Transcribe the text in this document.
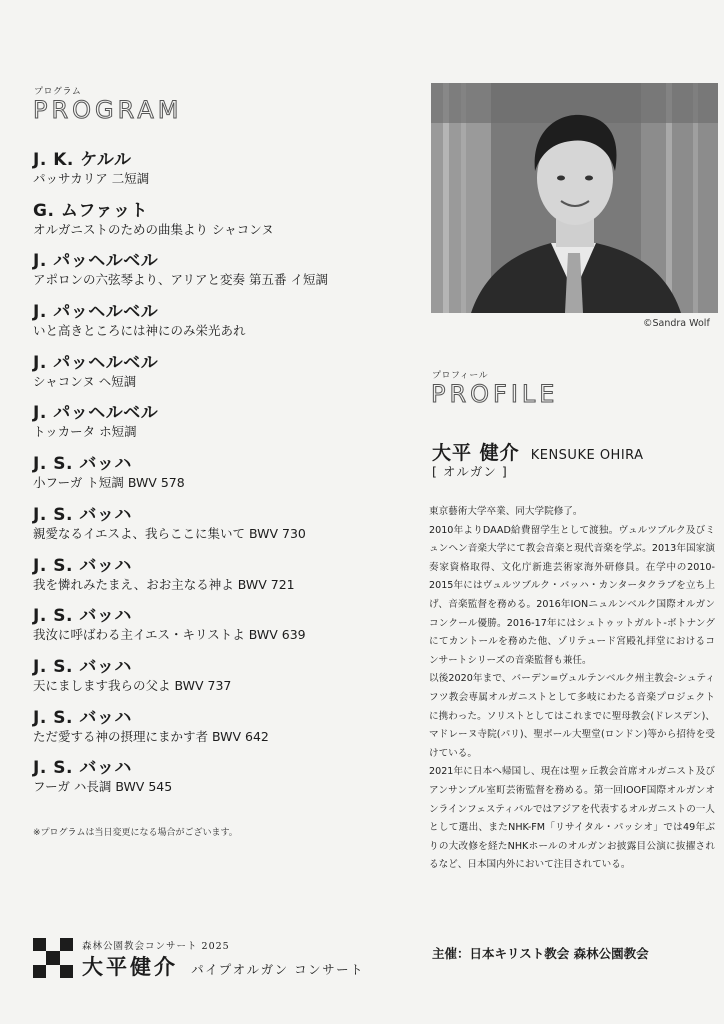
プログラム
PROGRAM
J. K. ケルル
パッサカリア 二短調
G. ムファット
オルガニストのための曲集より シャコンヌ
J. パッヘルベル
アポロンの六弦琴より、アリアと変奏 第五番 イ短調
J. パッヘルベル
いと高きところには神にのみ栄光あれ
J. パッヘルベル
シャコンヌ ヘ短調
J. パッヘルベル
トッカータ ホ短調
J. S. バッハ
小フーガ ト短調 BWV 578
J. S. バッハ
親愛なるイエスよ、我らここに集いて BWV 730
J. S. バッハ
我を憐れみたまえ、おお主なる神よ BWV 721
J. S. バッハ
我汝に呼ばわる主イエス・キリストよ BWV 639
J. S. バッハ
天にまします我らの父よ BWV 737
J. S. バッハ
ただ愛する神の摂理にまかす者 BWV 642
J. S. バッハ
フーガ ハ長調 BWV 545
※プログラムは当日変更になる場合がございます。
©Sandra Wolf
プロフィール
PROFILE
大平 健介 KENSUKE OHIRA
[ オルガン ]

東京藝術大学卒業、同大学院修了。

2010年よりDAAD給費留学生として渡独。ヴュルツブルク及びミュンヘン音楽大学にて教会音楽と現代音楽を学ぶ。2013年国家演奏家資格取得、文化庁新進芸術家海外研修員。在学中の2010-2015年にはヴュルツブルク・バッハ・カンタータクラブを立ち上げ、音楽監督を務める。2016年IONニュルンベルク国際オルガンコンクール優勝。2016-17年にはシュトゥットガルト-ボトナングにてカントールを務めた他、ゾリテュード宮殿礼拝堂におけるコンサートシリーズの音楽監督も兼任。

以後2020年まで、バーデン=ヴュルテンベルク州主教会-シュティフツ教会専属オルガニストとして多岐にわたる音楽プロジェクトに携わった。ソリストとしてはこれまでに聖母教会(ドレスデン)、マドレーヌ寺院(パリ)、聖ポール大聖堂(ロンドン)等から招待を受けている。

2021年に日本へ帰国し、現在は聖ヶ丘教会首席オルガニスト及びアンサンブル室町芸術監督を務める。第一回IOOF国際オルガンオンラインフェスティバルではアジアを代表するオルガニストの一人として選出、またNHK-FM「リサイタル・パッシオ」では49年ぶりの大改修を経たNHKホールのオルガンお披露目公演に抜擢されるなど、日本国内外において注目されている。

森林公園教会コンサート 2025
大平健介 パイプオルガン コンサート
主催：日本キリスト教会 森林公園教会
